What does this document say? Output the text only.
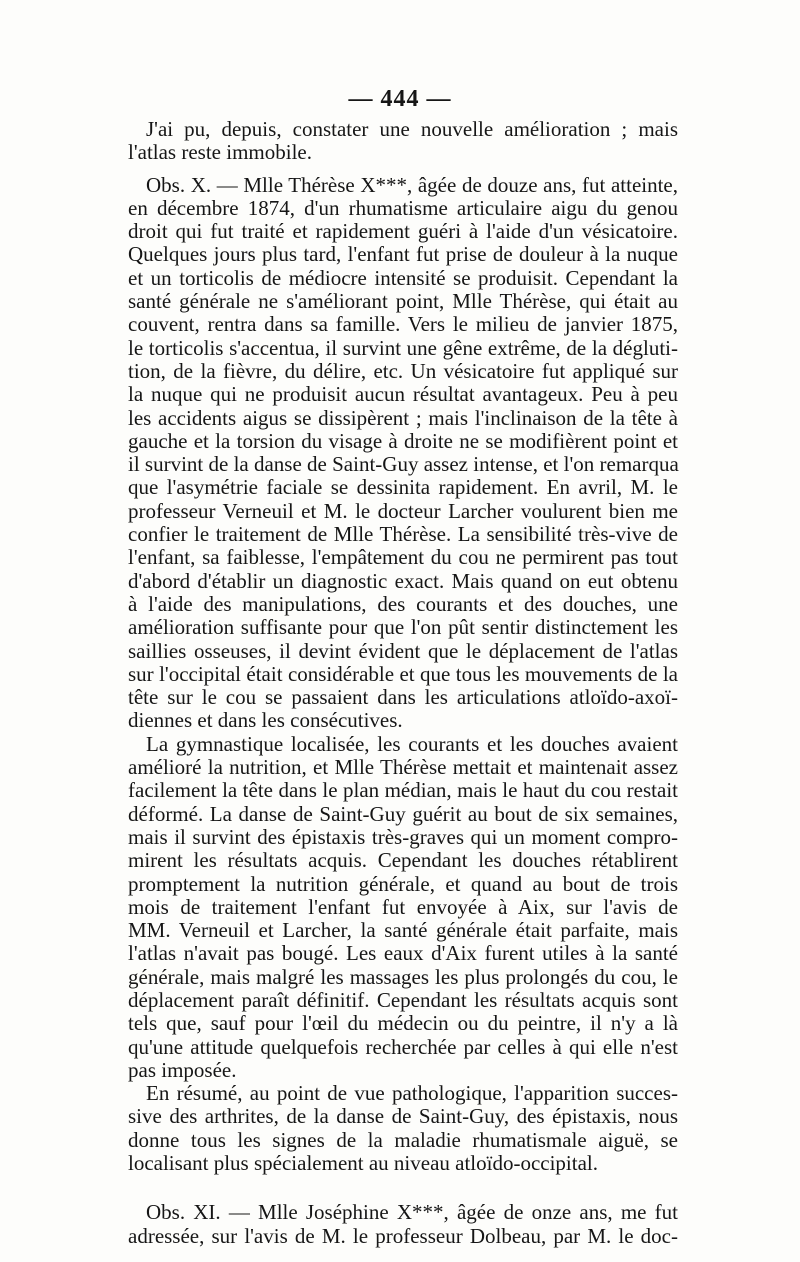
— 444 —
J'ai pu, depuis, constater une nouvelle amélioration ; mais
l'atlas reste immobile.
Obs. X. — Mlle Thérèse X***, âgée de douze ans, fut atteinte,
en décembre 1874, d'un rhumatisme articulaire aigu du genou
droit qui fut traité et rapidement guéri à l'aide d'un vésicatoire.
Quelques jours plus tard, l'enfant fut prise de douleur à la nuque
et un torticolis de médiocre intensité se produisit. Cependant la
santé générale ne s'améliorant point, Mlle Thérèse, qui était au
couvent, rentra dans sa famille. Vers le milieu de janvier 1875,
le torticolis s'accentua, il survint une gêne extrême, de la dégluti-
tion, de la fièvre, du délire, etc. Un vésicatoire fut appliqué sur
la nuque qui ne produisit aucun résultat avantageux. Peu à peu
les accidents aigus se dissipèrent ; mais l'inclinaison de la tête à
gauche et la torsion du visage à droite ne se modifièrent point et
il survint de la danse de Saint-Guy assez intense, et l'on remarqua
que l'asymétrie faciale se dessinita rapidement. En avril, M. le
professeur Verneuil et M. le docteur Larcher voulurent bien me
confier le traitement de Mlle Thérèse. La sensibilité très-vive de
l'enfant, sa faiblesse, l'empâtement du cou ne permirent pas tout
d'abord d'établir un diagnostic exact. Mais quand on eut obtenu
à l'aide des manipulations, des courants et des douches, une
amélioration suffisante pour que l'on pût sentir distinctement les
saillies osseuses, il devint évident que le déplacement de l'atlas
sur l'occipital était considérable et que tous les mouvements de la
tête sur le cou se passaient dans les articulations atloïdo-axoï-
diennes et dans les consécutives.
La gymnastique localisée, les courants et les douches avaient
amélioré la nutrition, et Mlle Thérèse mettait et maintenait assez
facilement la tête dans le plan médian, mais le haut du cou restait
déformé. La danse de Saint-Guy guérit au bout de six semaines,
mais il survint des épistaxis très-graves qui un moment compro-
mirent les résultats acquis. Cependant les douches rétablirent
promptement la nutrition générale, et quand au bout de trois
mois de traitement l'enfant fut envoyée à Aix, sur l'avis de
MM. Verneuil et Larcher, la santé générale était parfaite, mais
l'atlas n'avait pas bougé. Les eaux d'Aix furent utiles à la santé
générale, mais malgré les massages les plus prolongés du cou, le
déplacement paraît définitif. Cependant les résultats acquis sont
tels que, sauf pour l'œil du médecin ou du peintre, il n'y a là
qu'une attitude quelquefois recherchée par celles à qui elle n'est
pas imposée.
En résumé, au point de vue pathologique, l'apparition succes-
sive des arthrites, de la danse de Saint-Guy, des épistaxis, nous
donne tous les signes de la maladie rhumatismale aiguë, se
localisant plus spécialement au niveau atloïdo-occipital.
Obs. XI. — Mlle Joséphine X***, âgée de onze ans, me fut
adressée, sur l'avis de M. le professeur Dolbeau, par M. le doc-
